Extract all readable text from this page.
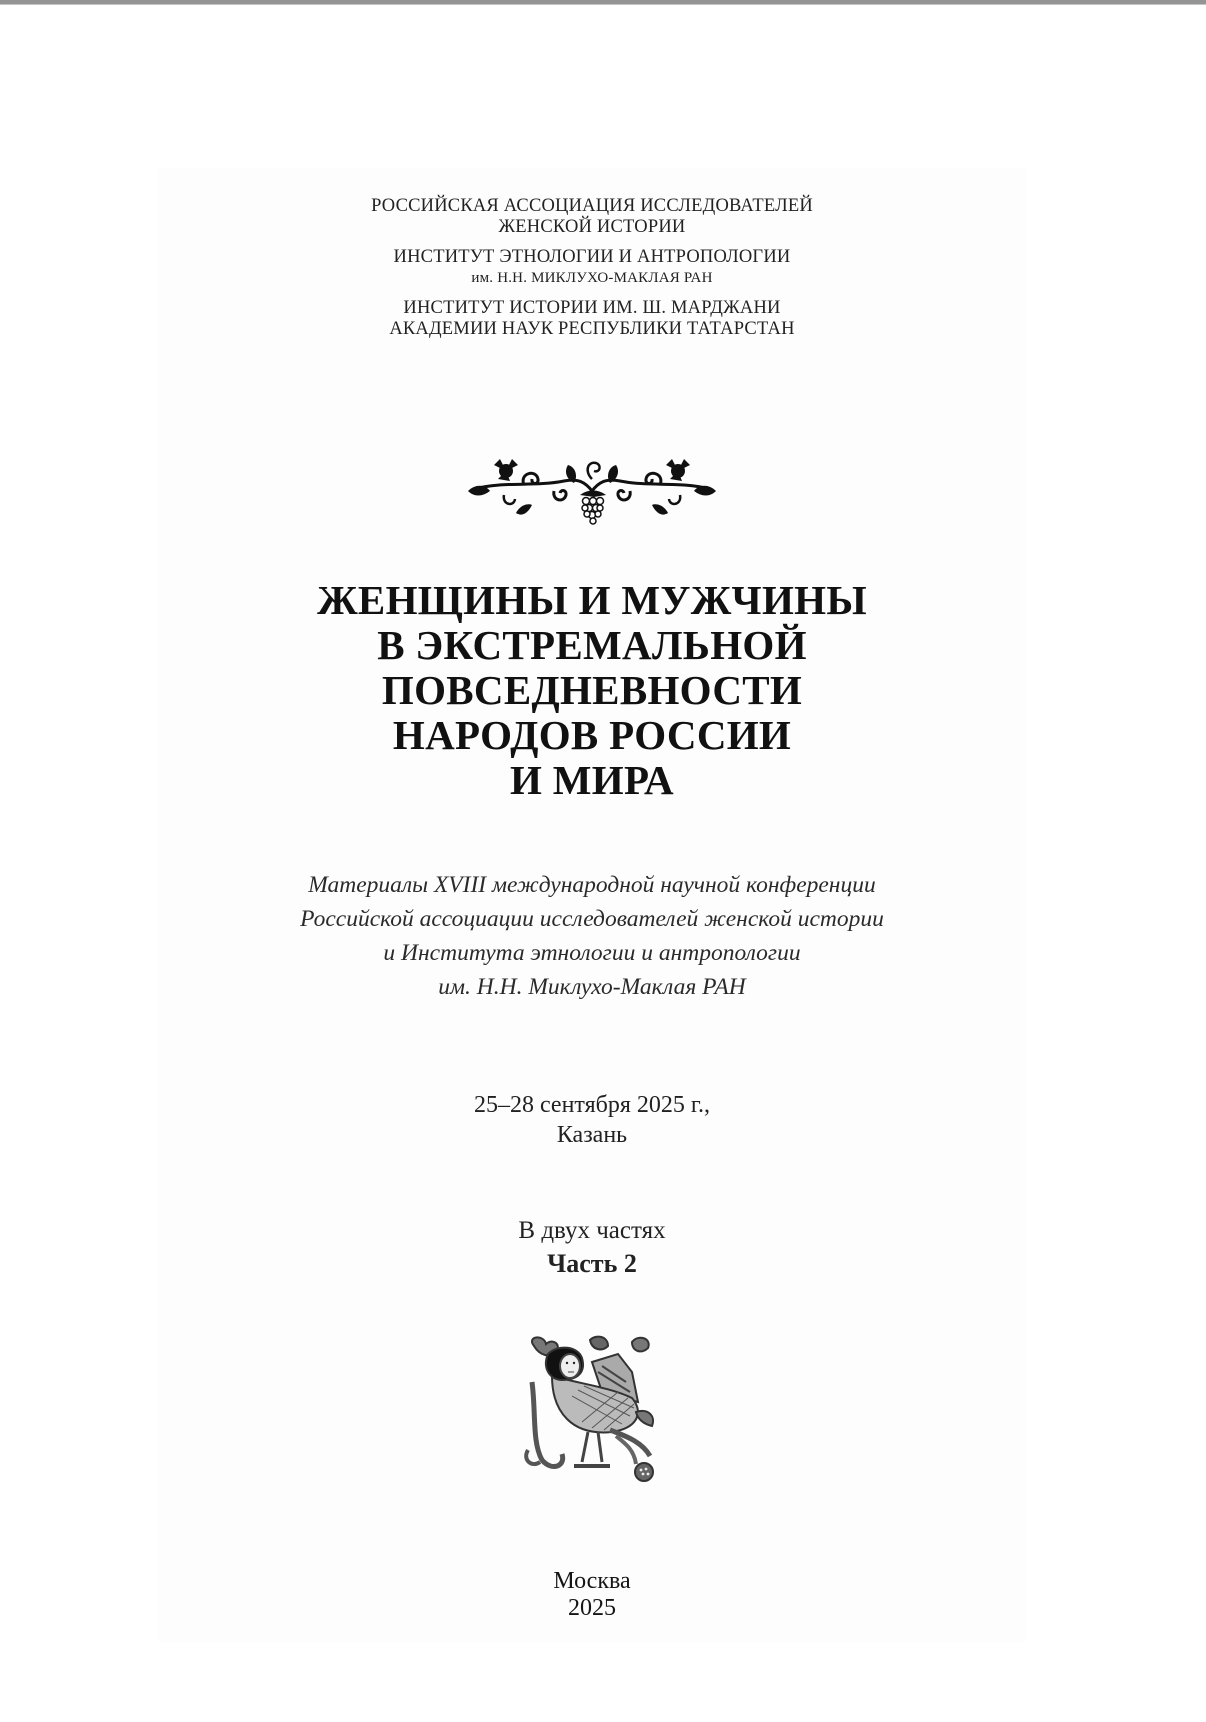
РОССИЙСКАЯ АССОЦИАЦИЯ ИССЛЕДОВАТЕЛЕЙ
ЖЕНСКОЙ ИСТОРИИ
ИНСТИТУТ ЭТНОЛОГИИ И АНТРОПОЛОГИИ
им. Н.Н. МИКЛУХО-МАКЛАЯ РАН
ИНСТИТУТ ИСТОРИИ ИМ. Ш. МАРДЖАНИ
АКАДЕМИИ НАУК РЕСПУБЛИКИ ТАТАРСТАН
ЖЕНЩИНЫ И МУЖЧИНЫ
В ЭКСТРЕМАЛЬНОЙ
ПОВСЕДНЕВНОСТИ
НАРОДОВ РОССИИ
И МИРА
Материалы XVIII международной научной конференции
Российской ассоциации исследователей женской истории
и Института этнологии и антропологии
им. Н.Н. Миклухо-Маклая РАН
25–28 сентября 2025 г.,
Казань
В двух частях
Часть 2
Москва
2025
